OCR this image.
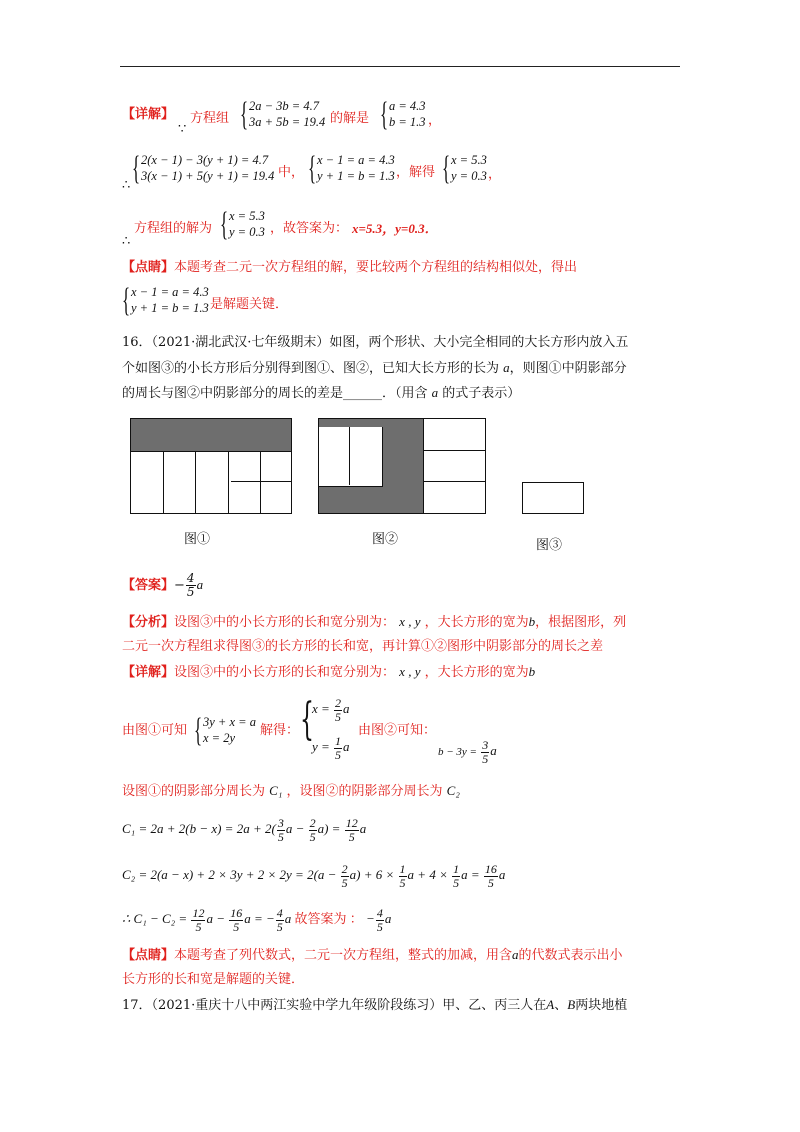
【详解】
∵
方程组 { 2a − 3b = 4.7
3a + 5b = 19.4 的解是 { a = 4.3
b = 1.3 ，
∴ { 2(x − 1) − 3(y + 1) = 4.7
3(x − 1) + 5(y + 1) = 19.4 中， { x − 1 = a = 4.3
y + 1 = b = 1.3 ，解得 { x = 5.3
y = 0.3 ，
∴
方程组的解为 { x = 5.3
y = 0.3 ，故答案为： x=5.3，y=0.3．
【点睛】本题考查二元一次方程组的解，要比较两个方程组的结构相似处，得出
{ x − 1 = a = 4.3
y + 1 = b = 1.3 是解题关键．
16．（2021·湖北武汉·七年级期末）如图，两个形状、大小完全相同的大长方形内放入五
个如图③的小长方形后分别得到图①、图②，已知大长方形的长为 a，则图①中阴影部分
的周长与图②中阴影部分的周长的差是______．（用含 a 的式子表示）
图①	图②	图③
【答案】− $\frac{4}{5}$ a
【分析】设图③中的小长方形的长和宽分别为： x , y ，大长方形的宽为b，根据图形，列
二元一次方程组求得图③的长方形的长和宽，再计算①②图形中阴影部分的周长之差
【详解】设图③中的小长方形的长和宽分别为： x , y ，大长方形的宽为b
由图①可知 { 3y + x = a
x = 2y	解得： {
$x = \frac{2}{5}$ a
$y = \frac{1}{5}$ a
由图②可知：
$b - 3y = \frac{3}{5}$ a
设图①的阴影部分周长为 C₁ ，设图②的阴影部分周长为 C₂
$C_1 = 2a + 2(b - x) = 2a + 2( \frac{3}{5}$ $a - \frac{2}{5} a) = \frac{12}{5}$ a
$C_2 = 2(a - x) + 2 \times 3y + 2 \times 2y = 2(a - \frac{2}{5} a) + 6 \times \frac{1}{5}$ $a + 4 \times \frac{1}{5}$ $a = \frac{16}{5}$ a
∴ $C_1 - C_2 = \frac{12}{5}$ $a - \frac{16}{5}$ a = − $\frac{4}{5}$ a 故答案为 ： − $\frac{4}{5}$ a
【点睛】本题考查了列代数式，二元一次方程组，整式的加减，用含a的代数式表示出小
长方形的长和宽是解题的关键．
17．（2021·重庆十八中两江实验中学九年级阶段练习）甲、乙、丙三人在A、B两块地植
